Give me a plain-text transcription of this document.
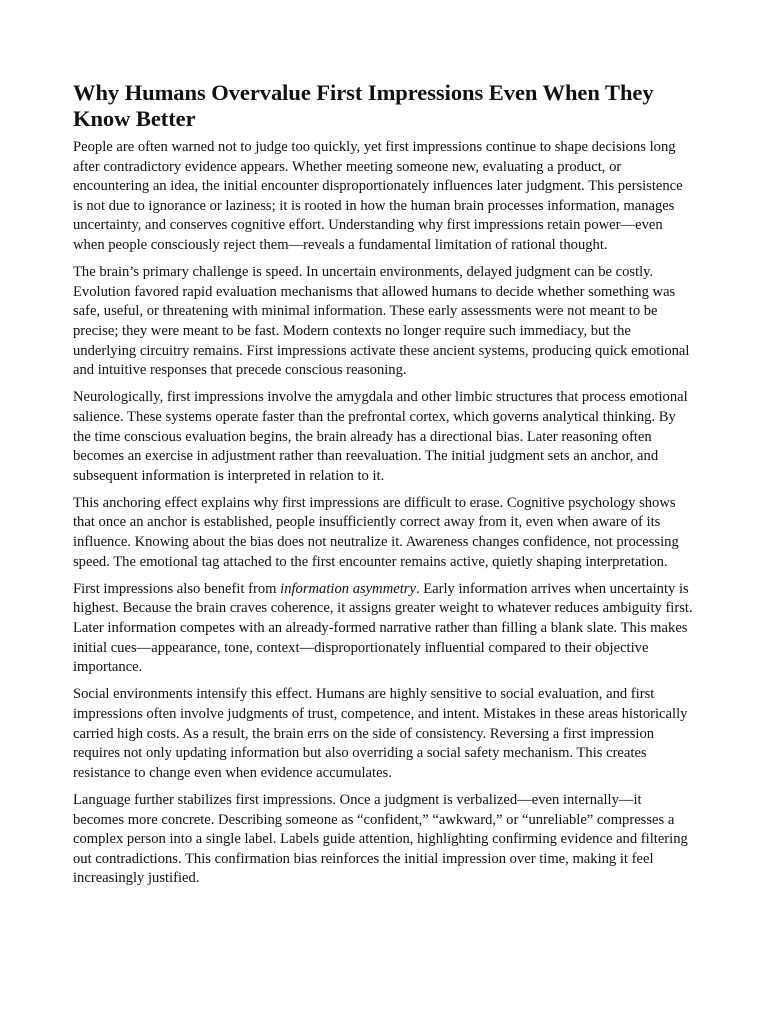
Why Humans Overvalue First Impressions Even When They Know Better

People are often warned not to judge too quickly, yet first impressions continue to shape decisions long after contradictory evidence appears. Whether meeting someone new, evaluating a product, or encountering an idea, the initial encounter disproportionately influences later judgment. This persistence is not due to ignorance or laziness; it is rooted in how the human brain processes information, manages uncertainty, and conserves cognitive effort. Understanding why first impressions retain power—even when people consciously reject them—reveals a fundamental limitation of rational thought.

The brain’s primary challenge is speed. In uncertain environments, delayed judgment can be costly. Evolution favored rapid evaluation mechanisms that allowed humans to decide whether something was safe, useful, or threatening with minimal information. These early assessments were not meant to be precise; they were meant to be fast. Modern contexts no longer require such immediacy, but the underlying circuitry remains. First impressions activate these ancient systems, producing quick emotional and intuitive responses that precede conscious reasoning.

Neurologically, first impressions involve the amygdala and other limbic structures that process emotional salience. These systems operate faster than the prefrontal cortex, which governs analytical thinking. By the time conscious evaluation begins, the brain already has a directional bias. Later reasoning often becomes an exercise in adjustment rather than reevaluation. The initial judgment sets an anchor, and subsequent information is interpreted in relation to it.

This anchoring effect explains why first impressions are difficult to erase. Cognitive psychology shows that once an anchor is established, people insufficiently correct away from it, even when aware of its influence. Knowing about the bias does not neutralize it. Awareness changes confidence, not processing speed. The emotional tag attached to the first encounter remains active, quietly shaping interpretation.

First impressions also benefit from information asymmetry. Early information arrives when uncertainty is highest. Because the brain craves coherence, it assigns greater weight to whatever reduces ambiguity first. Later information competes with an already-formed narrative rather than filling a blank slate. This makes initial cues—appearance, tone, context—disproportionately influential compared to their objective importance.

Social environments intensify this effect. Humans are highly sensitive to social evaluation, and first impressions often involve judgments of trust, competence, and intent. Mistakes in these areas historically carried high costs. As a result, the brain errs on the side of consistency. Reversing a first impression requires not only updating information but also overriding a social safety mechanism. This creates resistance to change even when evidence accumulates.

Language further stabilizes first impressions. Once a judgment is verbalized—even internally—it becomes more concrete. Describing someone as “confident,” “awkward,” or “unreliable” compresses a complex person into a single label. Labels guide attention, highlighting confirming evidence and filtering out contradictions. This confirmation bias reinforces the initial impression over time, making it feel increasingly justified.
